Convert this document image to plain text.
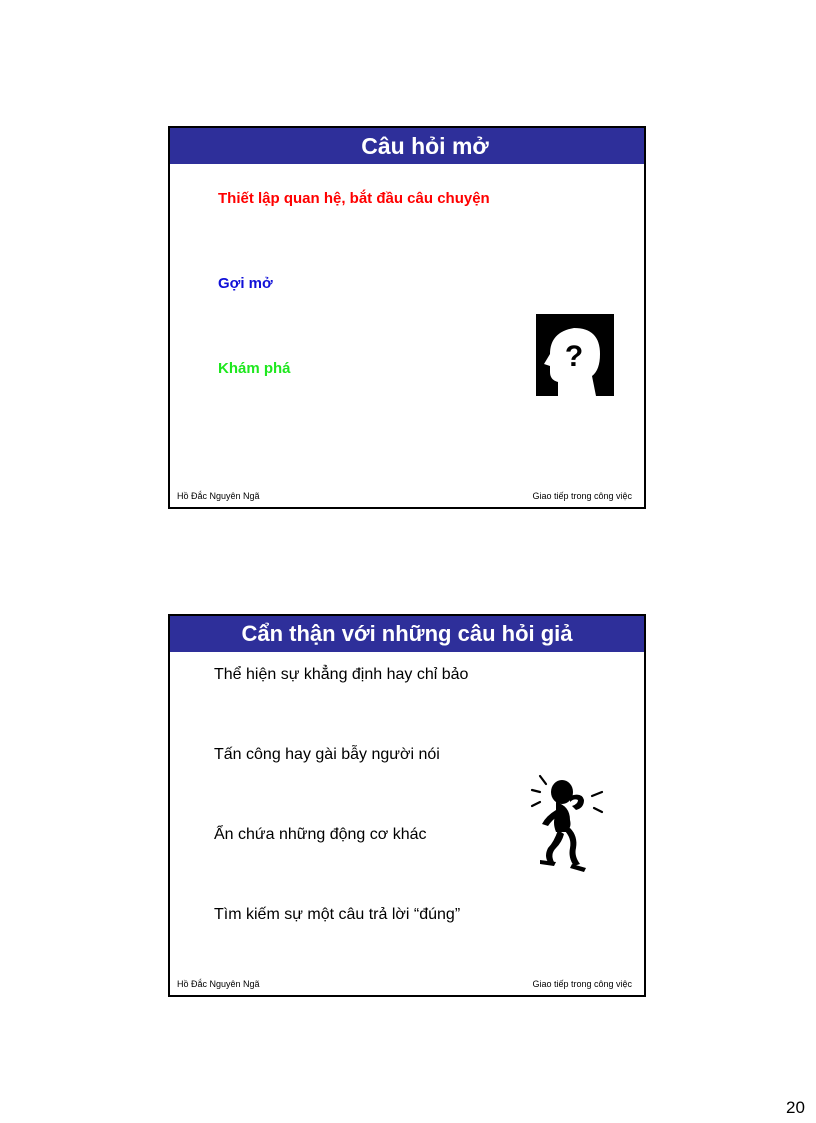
Câu hỏi mở
Thiết lập quan hệ, bắt đầu câu chuyện
Gợi mở
Khám phá	?
Hồ Đắc Nguyên Ngã	Giao tiếp trong công việc
Cẩn thận với những câu hỏi giả
Thể hiện sự khẳng định hay chỉ bảo
Tấn công hay gài bẫy người nói
Ẩn chứa những động cơ khác
Tìm kiếm sự một câu trả lời “đúng”
Hồ Đắc Nguyên Ngã	Giao tiếp trong công việc
20
